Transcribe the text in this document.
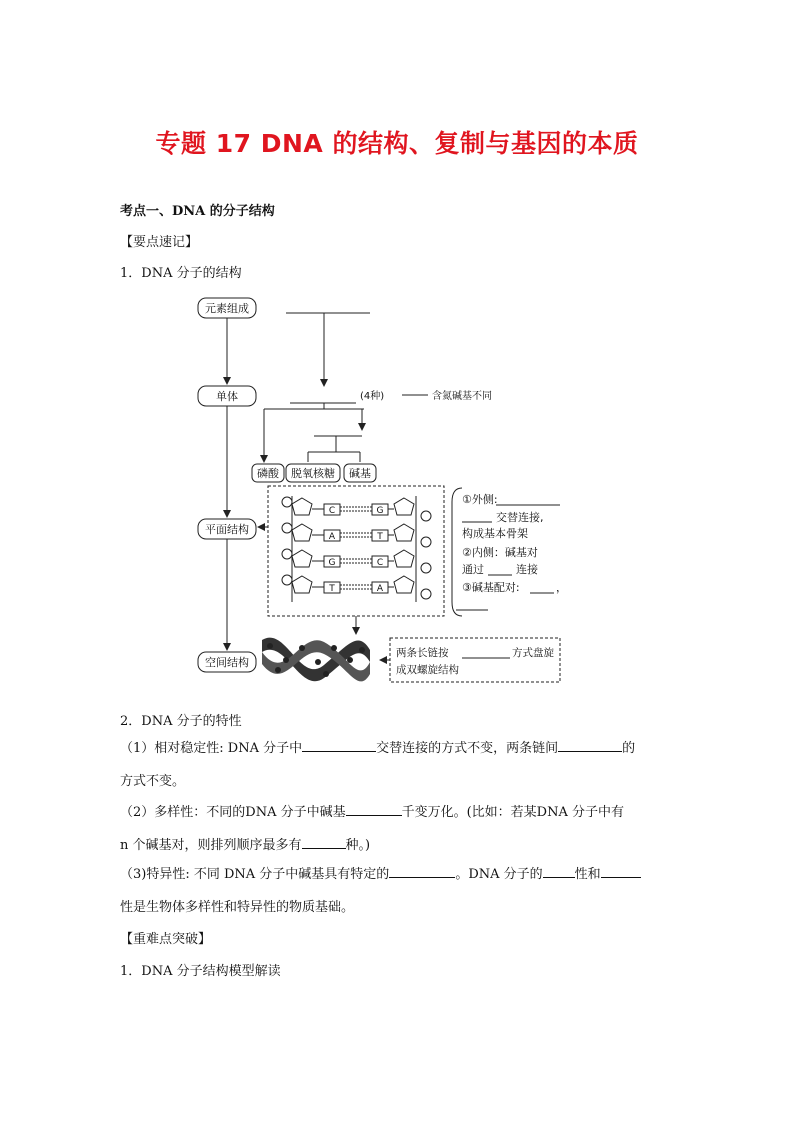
专题 17 DNA 的结构、复制与基因的本质
考点一、DNA 的分子结构
【要点速记】
1．DNA 分子的结构
元素组成
单体
平面结构
空间结构
(4种)	含氮碱基不同
磷酸 脱氧核糖 碱基
C	G
A	T
G	C
T	A
①外侧:
交替连接,
构成基本骨架
②内侧：碱基对
通过	连接
③碱基配对:	，
两条长链按	方式盘旋
成双螺旋结构
2．DNA 分子的特性
（1）相对稳定性: DNA 分子中	交替连接的方式不变，两条链间	的
方式不变。
（2）多样性：不同的DNA 分子中碱基	千变万化。(比如：若某DNA 分子中有
n 个碱基对，则排列顺序最多有	种。)
（3)特异性: 不同 DNA 分子中碱基具有特定的	。DNA 分子的 性和
性是生物体多样性和特异性的物质基础。
【重难点突破】
1．DNA 分子结构模型解读
